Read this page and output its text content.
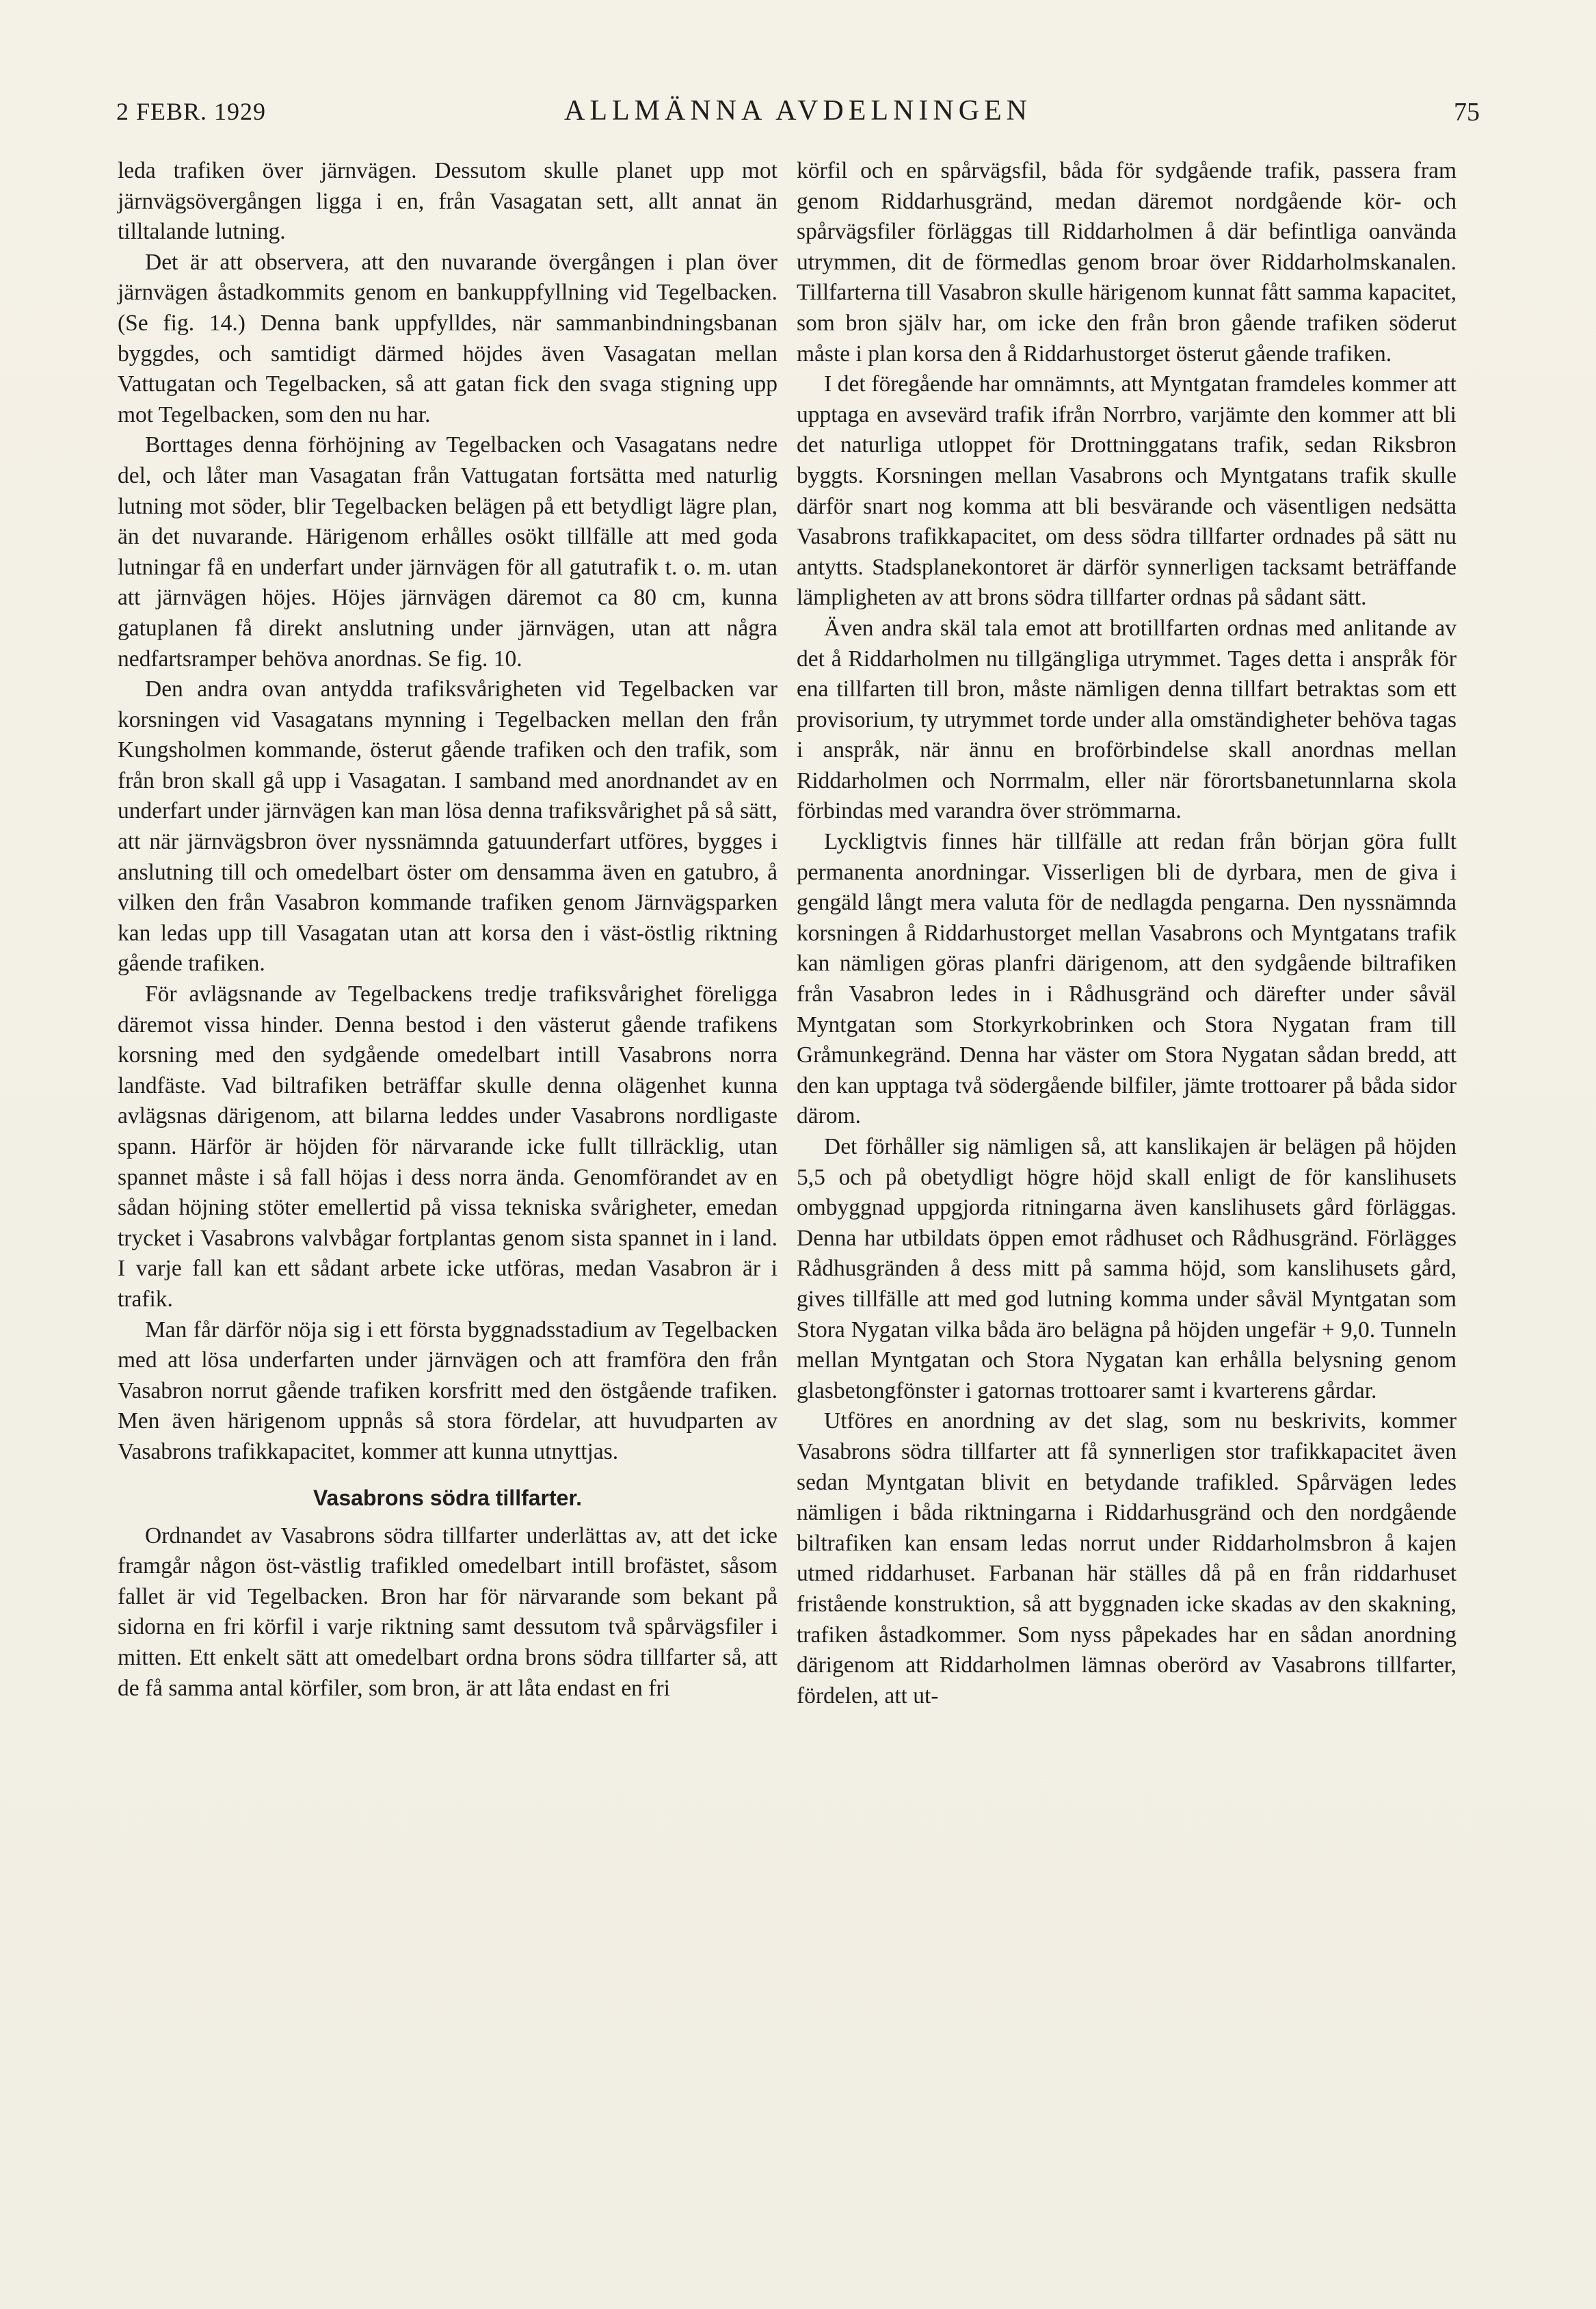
2 FEBR. 1929	ALLMÄNNA AVDELNINGEN	75

leda trafiken över järnvägen. Dessutom skulle planet upp mot järnvägsövergången ligga i en, från Vasagatan sett, allt annat än tilltalande lutning.

Det är att observera, att den nuvarande övergången i plan över järnvägen åstadkommits genom en bankuppfyllning vid Tegelbacken. (Se fig. 14.) Denna bank uppfylldes, när sammanbindningsbanan byggdes, och samtidigt därmed höjdes även Vasagatan mellan Vattugatan och Tegelbacken, så att gatan fick den svaga stigning upp mot Tegelbacken, som den nu har.

Borttages denna förhöjning av Tegelbacken och Vasagatans nedre del, och låter man Vasagatan från Vattugatan fortsätta med naturlig lutning mot söder, blir Tegelbacken belägen på ett betydligt lägre plan, än det nuvarande. Härigenom erhålles osökt tillfälle att med goda lutningar få en underfart under järnvägen för all gatutrafik t. o. m. utan att järnvägen höjes. Höjes järnvägen däremot ca 80 cm, kunna gatuplanen få direkt anslutning under järnvägen, utan att några nedfartsramper behöva anordnas. Se fig. 10.

Den andra ovan antydda trafiksvårigheten vid Tegelbacken var korsningen vid Vasagatans mynning i Tegelbacken mellan den från Kungsholmen kommande, österut gående trafiken och den trafik, som från bron skall gå upp i Vasagatan. I samband med anordnandet av en underfart under järnvägen kan man lösa denna trafiksvårighet på så sätt, att när järnvägsbron över nyssnämnda gatuunderfart utföres, bygges i anslutning till och omedelbart öster om densamma även en gatubro, å vilken den från Vasabron kommande trafiken genom Järnvägsparken kan ledas upp till Vasagatan utan att korsa den i väst-östlig riktning gående trafiken.

För avlägsnande av Tegelbackens tredje trafiksvårighet föreligga däremot vissa hinder. Denna bestod i den västerut gående trafikens korsning med den sydgående omedelbart intill Vasabrons norra landfäste. Vad biltrafiken beträffar skulle denna olägenhet kunna avlägsnas därigenom, att bilarna leddes under Vasabrons nordligaste spann. Härför är höjden för närvarande icke fullt tillräcklig, utan spannet måste i så fall höjas i dess norra ända. Genomförandet av en sådan höjning stöter emellertid på vissa tekniska svårigheter, emedan trycket i Vasabrons valvbågar fortplantas genom sista spannet in i land. I varje fall kan ett sådant arbete icke utföras, medan Vasabron är i trafik.

Man får därför nöja sig i ett första byggnadsstadium av Tegelbacken med att lösa underfarten under järnvägen och att framföra den från Vasabron norrut gående trafiken korsfritt med den östgående trafiken. Men även härigenom uppnås så stora fördelar, att huvudparten av Vasabrons trafikkapacitet, kommer att kunna utnyttjas.

Vasabrons södra tillfarter.

Ordnandet av Vasabrons södra tillfarter underlättas av, att det icke framgår någon öst-västlig trafikled omedelbart intill brofästet, såsom fallet är vid Tegelbacken. Bron har för närvarande som bekant på sidorna en fri körfil i varje riktning samt dessutom två spårvägsfiler i mitten. Ett enkelt sätt att omedelbart ordna brons södra tillfarter så, att de få samma antal körfiler, som bron, är att låta endast en fri

körfil och en spårvägsfil, båda för sydgående trafik, passera fram genom Riddarhusgränd, medan däremot nordgående kör- och spårvägsfiler förläggas till Riddarholmen å där befintliga oanvända utrymmen, dit de förmedlas genom broar över Riddarholmskanalen. Tillfarterna till Vasabron skulle härigenom kunnat fått samma kapacitet, som bron själv har, om icke den från bron gående trafiken söderut måste i plan korsa den å Riddarhustorget österut gående trafiken.

I det föregående har omnämnts, att Myntgatan framdeles kommer att upptaga en avsevärd trafik ifrån Norrbro, varjämte den kommer att bli det naturliga utloppet för Drottninggatans trafik, sedan Riksbron byggts. Korsningen mellan Vasabrons och Myntgatans trafik skulle därför snart nog komma att bli besvärande och väsentligen nedsätta Vasabrons trafikkapacitet, om dess södra tillfarter ordnades på sätt nu antytts. Stadsplanekontoret är därför synnerligen tacksamt beträffande lämpligheten av att brons södra tillfarter ordnas på sådant sätt.

Även andra skäl tala emot att brotillfarten ordnas med anlitande av det å Riddarholmen nu tillgängliga utrymmet. Tages detta i anspråk för ena tillfarten till bron, måste nämligen denna tillfart betraktas som ett provisorium, ty utrymmet torde under alla omständigheter behöva tagas i anspråk, när ännu en broförbindelse skall anordnas mellan Riddarholmen och Norrmalm, eller när förortsbanetunnlarna skola förbindas med varandra över strömmarna.

Lyckligtvis finnes här tillfälle att redan från början göra fullt permanenta anordningar. Visserligen bli de dyrbara, men de giva i gengäld långt mera valuta för de nedlagda pengarna. Den nyssnämnda korsningen å Riddarhustorget mellan Vasabrons och Myntgatans trafik kan nämligen göras planfri därigenom, att den sydgående biltrafiken från Vasabron ledes in i Rådhusgränd och därefter under såväl Myntgatan som Storkyrkobrinken och Stora Nygatan fram till Gråmunkegränd. Denna har väster om Stora Nygatan sådan bredd, att den kan upptaga två södergående bilfiler, jämte trottoarer på båda sidor därom.

Det förhåller sig nämligen så, att kanslikajen är belägen på höjden 5,5 och på obetydligt högre höjd skall enligt de för kanslihusets ombyggnad uppgjorda ritningarna även kanslihusets gård förläggas. Denna har utbildats öppen emot rådhuset och Rådhusgränd. Förlägges Rådhusgränden å dess mitt på samma höjd, som kanslihusets gård, gives tillfälle att med god lutning komma under såväl Myntgatan som Stora Nygatan vilka båda äro belägna på höjden ungefär + 9,0. Tunneln mellan Myntgatan och Stora Nygatan kan erhålla belysning genom glasbetongfönster i gatornas trottoarer samt i kvarterens gårdar.

Utföres en anordning av det slag, som nu beskrivits, kommer Vasabrons södra tillfarter att få synnerligen stor trafikkapacitet även sedan Myntgatan blivit en betydande trafikled. Spårvägen ledes nämligen i båda riktningarna i Riddarhusgränd och den nordgående biltrafiken kan ensam ledas norrut under Riddarholmsbron å kajen utmed riddarhuset. Farbanan här ställes då på en från riddarhuset fristående konstruktion, så att byggnaden icke skadas av den skakning, trafiken åstadkommer. Som nyss påpekades har en sådan anordning därigenom att Riddarholmen lämnas oberörd av Vasabrons tillfarter, fördelen, att ut-
